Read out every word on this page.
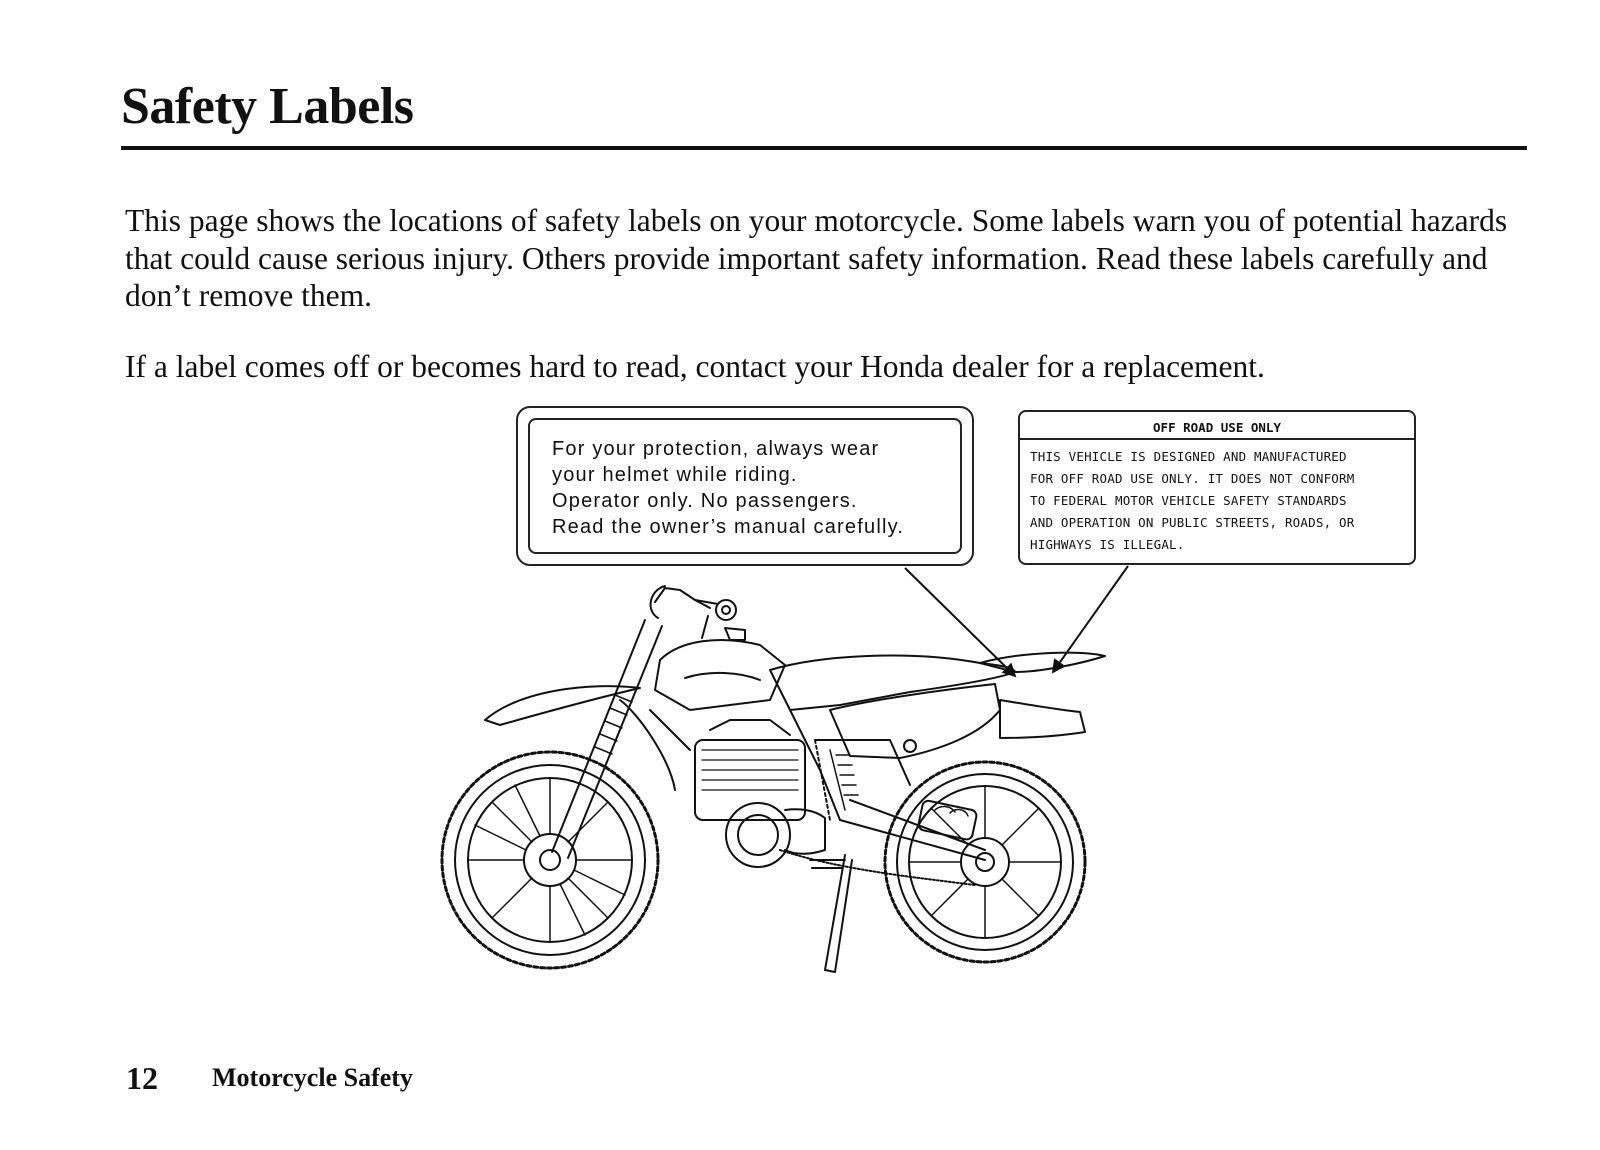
Safety Labels

This page shows the locations of safety labels on your motorcycle. Some labels warn you of potential hazards that could cause serious injury. Others provide important safety information. Read these labels carefully and don’t remove them.

If a label comes off or becomes hard to read, contact your Honda dealer for a replacement.

For your protection, always wear
your helmet while riding.
Operator only. No passengers.
Read the owner’s manual carefully.
OFF ROAD USE ONLY
THIS VEHICLE IS DESIGNED AND MANUFACTURED
FOR OFF ROAD USE ONLY. IT DOES NOT CONFORM
TO FEDERAL MOTOR VEHICLE SAFETY STANDARDS
AND OPERATION ON PUBLIC STREETS, ROADS, OR
HIGHWAYS IS ILLEGAL.
12 Motorcycle Safety
